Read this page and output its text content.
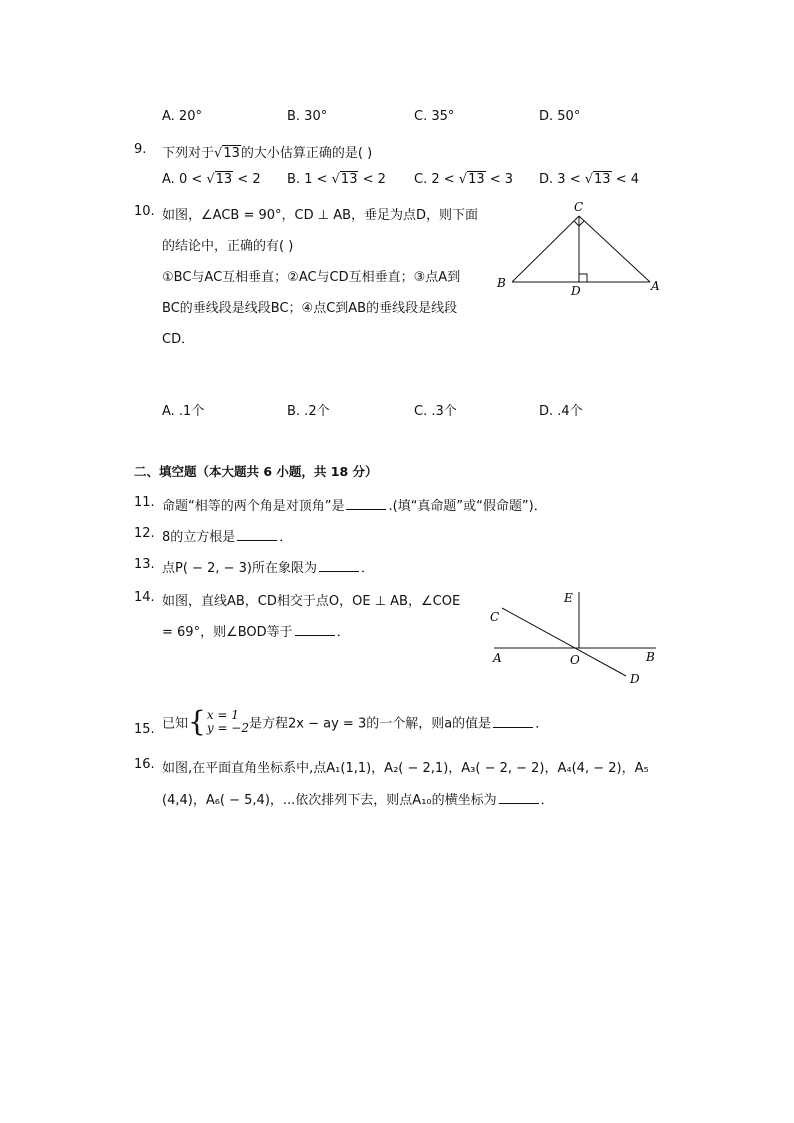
A. 20°	B. 30°	C. 35°	D. 50°
9. 下列对于√13的大小估算正确的是( )
A. 0 < √13 < 2 B. 1 < √13 < 2 C. 2 < √13 < 3 D. 3 < √13 < 4
10. 如图，∠ACB = 90°，CD ⊥ AB，垂足为点D，则下面
的结论中，正确的有( )
①BC与AC互相垂直；②AC与CD互相垂直；③点A到
BC的垂线段是线段BC；④点C到AB的垂线段是线段
CD．
C
B
D	A
A. .1个	B. .2个	C. .3个	D. .4个
二、填空题（本大题共 6 小题，共 18 分）
11. 命题“相等的两个角是对顶角”是	.(填“真命题”或“假命题”)．
12. 8的立方根是	．
13. 点P( − 2, − 3)所在象限为	．
14. 如图，直线AB，CD相交于点O，OE ⊥ AB，∠COE
= 69°，则∠BOD等于	．
E
C
A	O	B
D
15. 已知{x = 1
y = −2是方程2x − ay = 3的一个解，则a的值是	．
16. 如图,在平面直角坐标系中,点A₁(1,1)，A₂( − 2,1)，A₃( − 2, − 2)，A₄(4, − 2)，A₅
(4,4)，A₆( − 5,4)，...依次排列下去，则点A₁₀的横坐标为	．
